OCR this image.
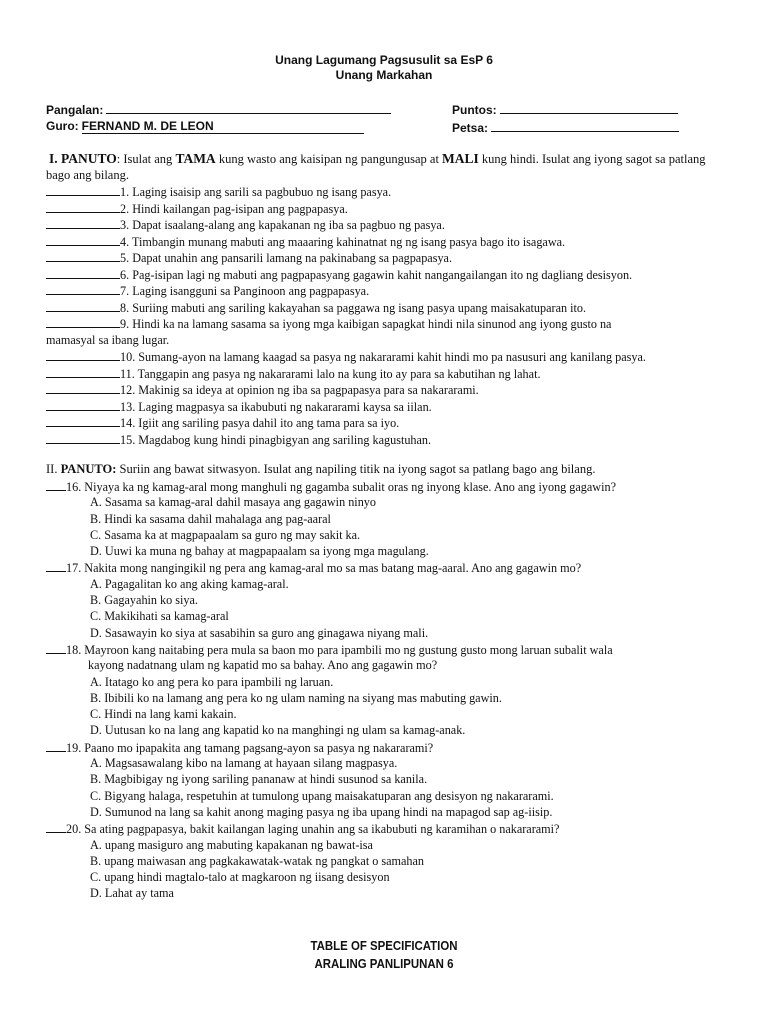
Unang Lagumang Pagsusulit sa EsP 6
Unang Markahan
Pangalan:
Guro: FERNAND M. DE LEON
Puntos:
Petsa:
I. PANUTO: Isulat ang TAMA kung wasto ang kaisipan ng pangungusap at MALI kung hindi. Isulat ang iyong sagot sa patlang bago ang bilang.
1. Laging isaisip ang sarili sa pagbubuo ng isang pasya.
2. Hindi kailangan pag-isipan ang pagpapasya.
3. Dapat isaalang-alang ang kapakanan ng iba sa pagbuo ng pasya.
4. Timbangin munang mabuti ang maaaring kahinatnat ng ng isang pasya bago ito isagawa.
5. Dapat unahin ang pansarili lamang na pakinabang sa pagpapasya.
6. Pag-isipan lagi ng mabuti ang pagpapasyang gagawin kahit nangangailangan ito ng dagliang desisyon.
7. Laging isangguni sa Panginoon ang pagpapasya.
8. Suriing mabuti ang sariling kakayahan sa paggawa ng isang pasya upang maisakatuparan ito.
9. Hindi ka na lamang sasama sa iyong mga kaibigan sapagkat hindi nila sinunod ang iyong gusto na
mamasyal sa ibang lugar.
10. Sumang-ayon na lamang kaagad sa pasya ng nakararami kahit hindi mo pa nasusuri ang kanilang pasya.
11. Tanggapin ang pasya ng nakararami lalo na kung ito ay para sa kabutihan ng lahat.
12. Makinig sa ideya at opinion ng iba sa pagpapasya para sa nakararami.
13. Laging magpasya sa ikabubuti ng nakararami kaysa sa iilan.
14. Igiit ang sariling pasya dahil ito ang tama para sa iyo.
15. Magdabog kung hindi pinagbigyan ang sariling kagustuhan.
II. PANUTO: Suriin ang bawat sitwasyon. Isulat ang napiling titik na iyong sagot sa patlang bago ang bilang.
16. Niyaya ka ng kamag-aral mong manghuli ng gagamba subalit oras ng inyong klase. Ano ang iyong gagawin?
A. Sasama sa kamag-aral dahil masaya ang gagawin ninyo
B. Hindi ka sasama dahil mahalaga ang pag-aaral
C. Sasama ka at magpapaalam sa guro ng may sakit ka.
D. Uuwi ka muna ng bahay at magpapaalam sa iyong mga magulang.
17. Nakita mong nangingikil ng pera ang kamag-aral mo sa mas batang mag-aaral. Ano ang gagawin mo?
A. Pagagalitan ko ang aking kamag-aral.
B. Gagayahin ko siya.
C. Makikihati sa kamag-aral
D. Sasawayin ko siya at sasabihin sa guro ang ginagawa niyang mali.
18. Mayroon kang naitabing pera mula sa baon mo para ipambili mo ng gustung gusto mong laruan subalit wala
kayong nadatnang ulam ng kapatid mo sa bahay. Ano ang gagawin mo?
A. Itatago ko ang pera ko para ipambili ng laruan.
B. Ibibili ko na lamang ang pera ko ng ulam naming na siyang mas mabuting gawin.
C. Hindi na lang kami kakain.
D. Uutusan ko na lang ang kapatid ko na manghingi ng ulam sa kamag-anak.
19. Paano mo ipapakita ang tamang pagsang-ayon sa pasya ng nakararami?
A. Magsasawalang kibo na lamang at hayaan silang magpasya.
B. Magbibigay ng iyong sariling pananaw at hindi susunod sa kanila.
C. Bigyang halaga, respetuhin at tumulong upang maisakatuparan ang desisyon ng nakararami.
D. Sumunod na lang sa kahit anong maging pasya ng iba upang hindi na mapagod sap ag-iisip.
20. Sa ating pagpapasya, bakit kailangan laging unahin ang sa ikabubuti ng karamihan o nakararami?
A. upang masiguro ang mabuting kapakanan ng bawat-isa
B. upang maiwasan ang pagkakawatak-watak ng pangkat o samahan
C. upang hindi magtalo-talo at magkaroon ng iisang desisyon
D. Lahat ay tama
TABLE OF SPECIFICATION
ARALING PANLIPUNAN 6
